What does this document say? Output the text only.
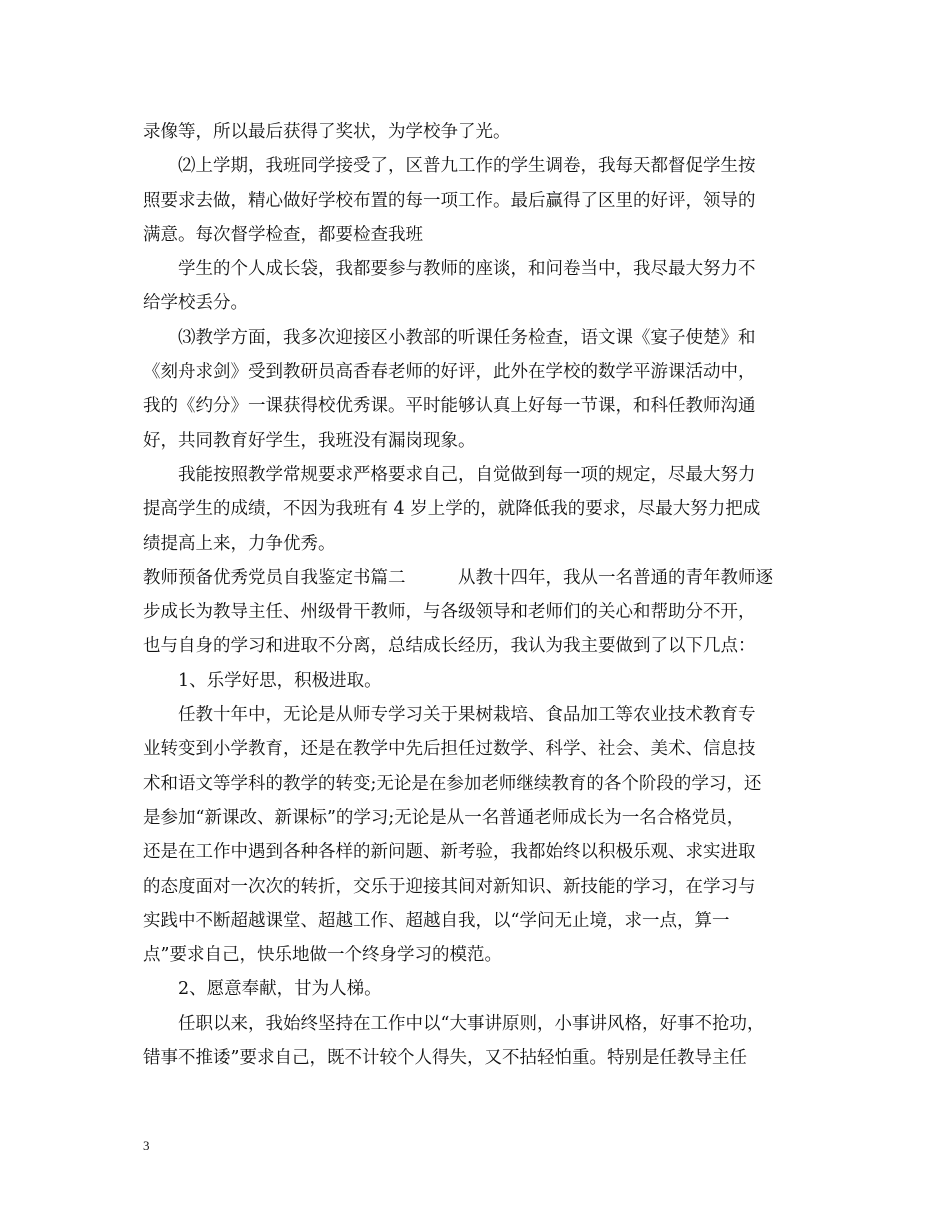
录像等，所以最后获得了奖状，为学校争了光。
　　⑵上学期，我班同学接受了，区普九工作的学生调卷，我每天都督促学生按
照要求去做，精心做好学校布置的每一项工作。最后赢得了区里的好评，领导的
满意。每次督学检查，都要检查我班
　　学生的个人成长袋，我都要参与教师的座谈，和问卷当中，我尽最大努力不
给学校丢分。
　　⑶教学方面，我多次迎接区小教部的听课任务检查，语文课《宴子使楚》和
《刻舟求剑》受到教研员高香春老师的好评，此外在学校的数学平游课活动中，
我的《约分》一课获得校优秀课。平时能够认真上好每一节课，和科任教师沟通
好，共同教育好学生，我班没有漏岗现象。
　　我能按照教学常规要求严格要求自己，自觉做到每一项的规定，尽最大努力
提高学生的成绩，不因为我班有 4 岁上学的，就降低我的要求，尽最大努力把成
绩提高上来，力争优秀。
教师预备优秀党员自我鉴定书篇二　　　从教十四年，我从一名普通的青年教师逐
步成长为教导主任、州级骨干教师，与各级领导和老师们的关心和帮助分不开，
也与自身的学习和进取不分离，总结成长经历，我认为我主要做到了以下几点：
　　1、乐学好思，积极进取。
　　任教十年中，无论是从师专学习关于果树栽培、食品加工等农业技术教育专
业转变到小学教育，还是在教学中先后担任过数学、科学、社会、美术、信息技
术和语文等学科的教学的转变;无论是在参加老师继续教育的各个阶段的学习，还
是参加“新课改、新课标”的学习;无论是从一名普通老师成长为一名合格党员，
还是在工作中遇到各种各样的新问题、新考验，我都始终以积极乐观、求实进取
的态度面对一次次的转折，交乐于迎接其间对新知识、新技能的学习，在学习与
实践中不断超越课堂、超越工作、超越自我，以“学问无止境，求一点，算一
点”要求自己，快乐地做一个终身学习的模范。
　　2、愿意奉献，甘为人梯。
　　任职以来，我始终坚持在工作中以“大事讲原则，小事讲风格，好事不抢功，
错事不推诿”要求自己，既不计较个人得失，又不拈轻怕重。特别是任教导主任
3
